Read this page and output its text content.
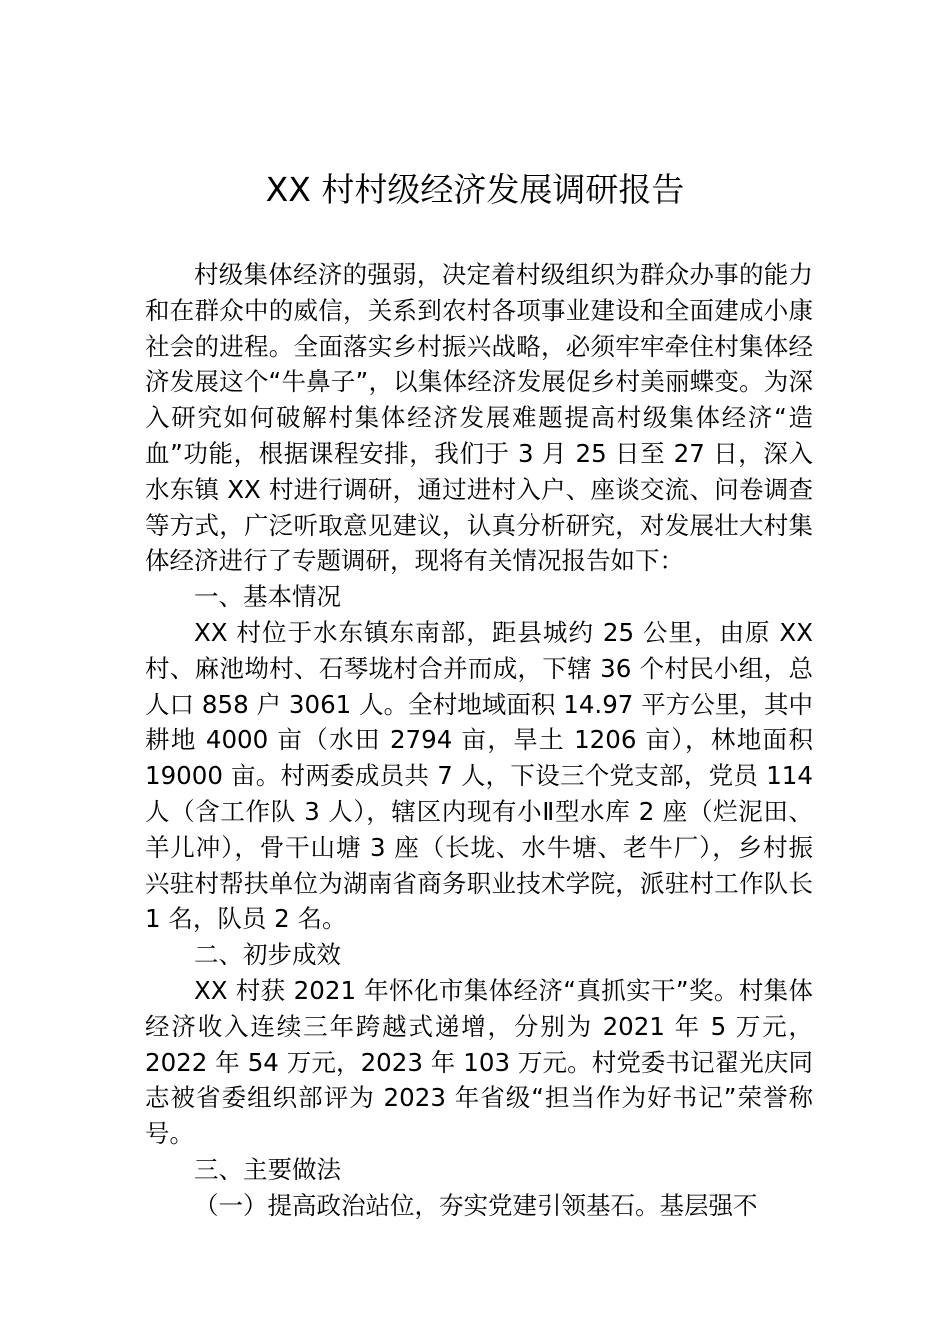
XX 村村级经济发展调研报告

村级集体经济的强弱，决定着村级组织为群众办事的能力和在群众中的威信，关系到农村各项事业建设和全面建成小康社会的进程。全面落实乡村振兴战略，必须牢牢牵住村集体经济发展这个“牛鼻子”，以集体经济发展促乡村美丽蝶变。为深入研究如何破解村集体经济发展难题提高村级集体经济“造血”功能，根据课程安排，我们于 3 月 25 日至 27 日，深入水东镇 XX 村进行调研，通过进村入户、座谈交流、问卷调查等方式，广泛听取意见建议，认真分析研究，对发展壮大村集体经济进行了专题调研，现将有关情况报告如下：

一、基本情况

XX 村位于水东镇东南部，距县城约 25 公里，由原 XX 村、麻池坳村、石琴垅村合并而成，下辖 36 个村民小组，总人口 858 户 3061 人。全村地域面积 14.97 平方公里，其中耕地 4000 亩（水田 2794 亩，旱土 1206 亩），林地面积 19000 亩。村两委成员共 7 人，下设三个党支部，党员 114 人（含工作队 3 人），辖区内现有小Ⅱ型水库 2 座（烂泥田、羊儿冲），骨干山塘 3 座（长垅、水牛塘、老牛厂），乡村振兴驻村帮扶单位为湖南省商务职业技术学院，派驻村工作队长 1 名，队员 2 名。

二、初步成效

XX 村获 2021 年怀化市集体经济“真抓实干”奖。村集体经济收入连续三年跨越式递增，分别为 2021 年 5 万元，2022 年 54 万元，2023 年 103 万元。村党委书记翟光庆同志被省委组织部评为 2023 年省级“担当作为好书记”荣誉称号。

三、主要做法

（一）提高政治站位，夯实党建引领基石。基层强不
